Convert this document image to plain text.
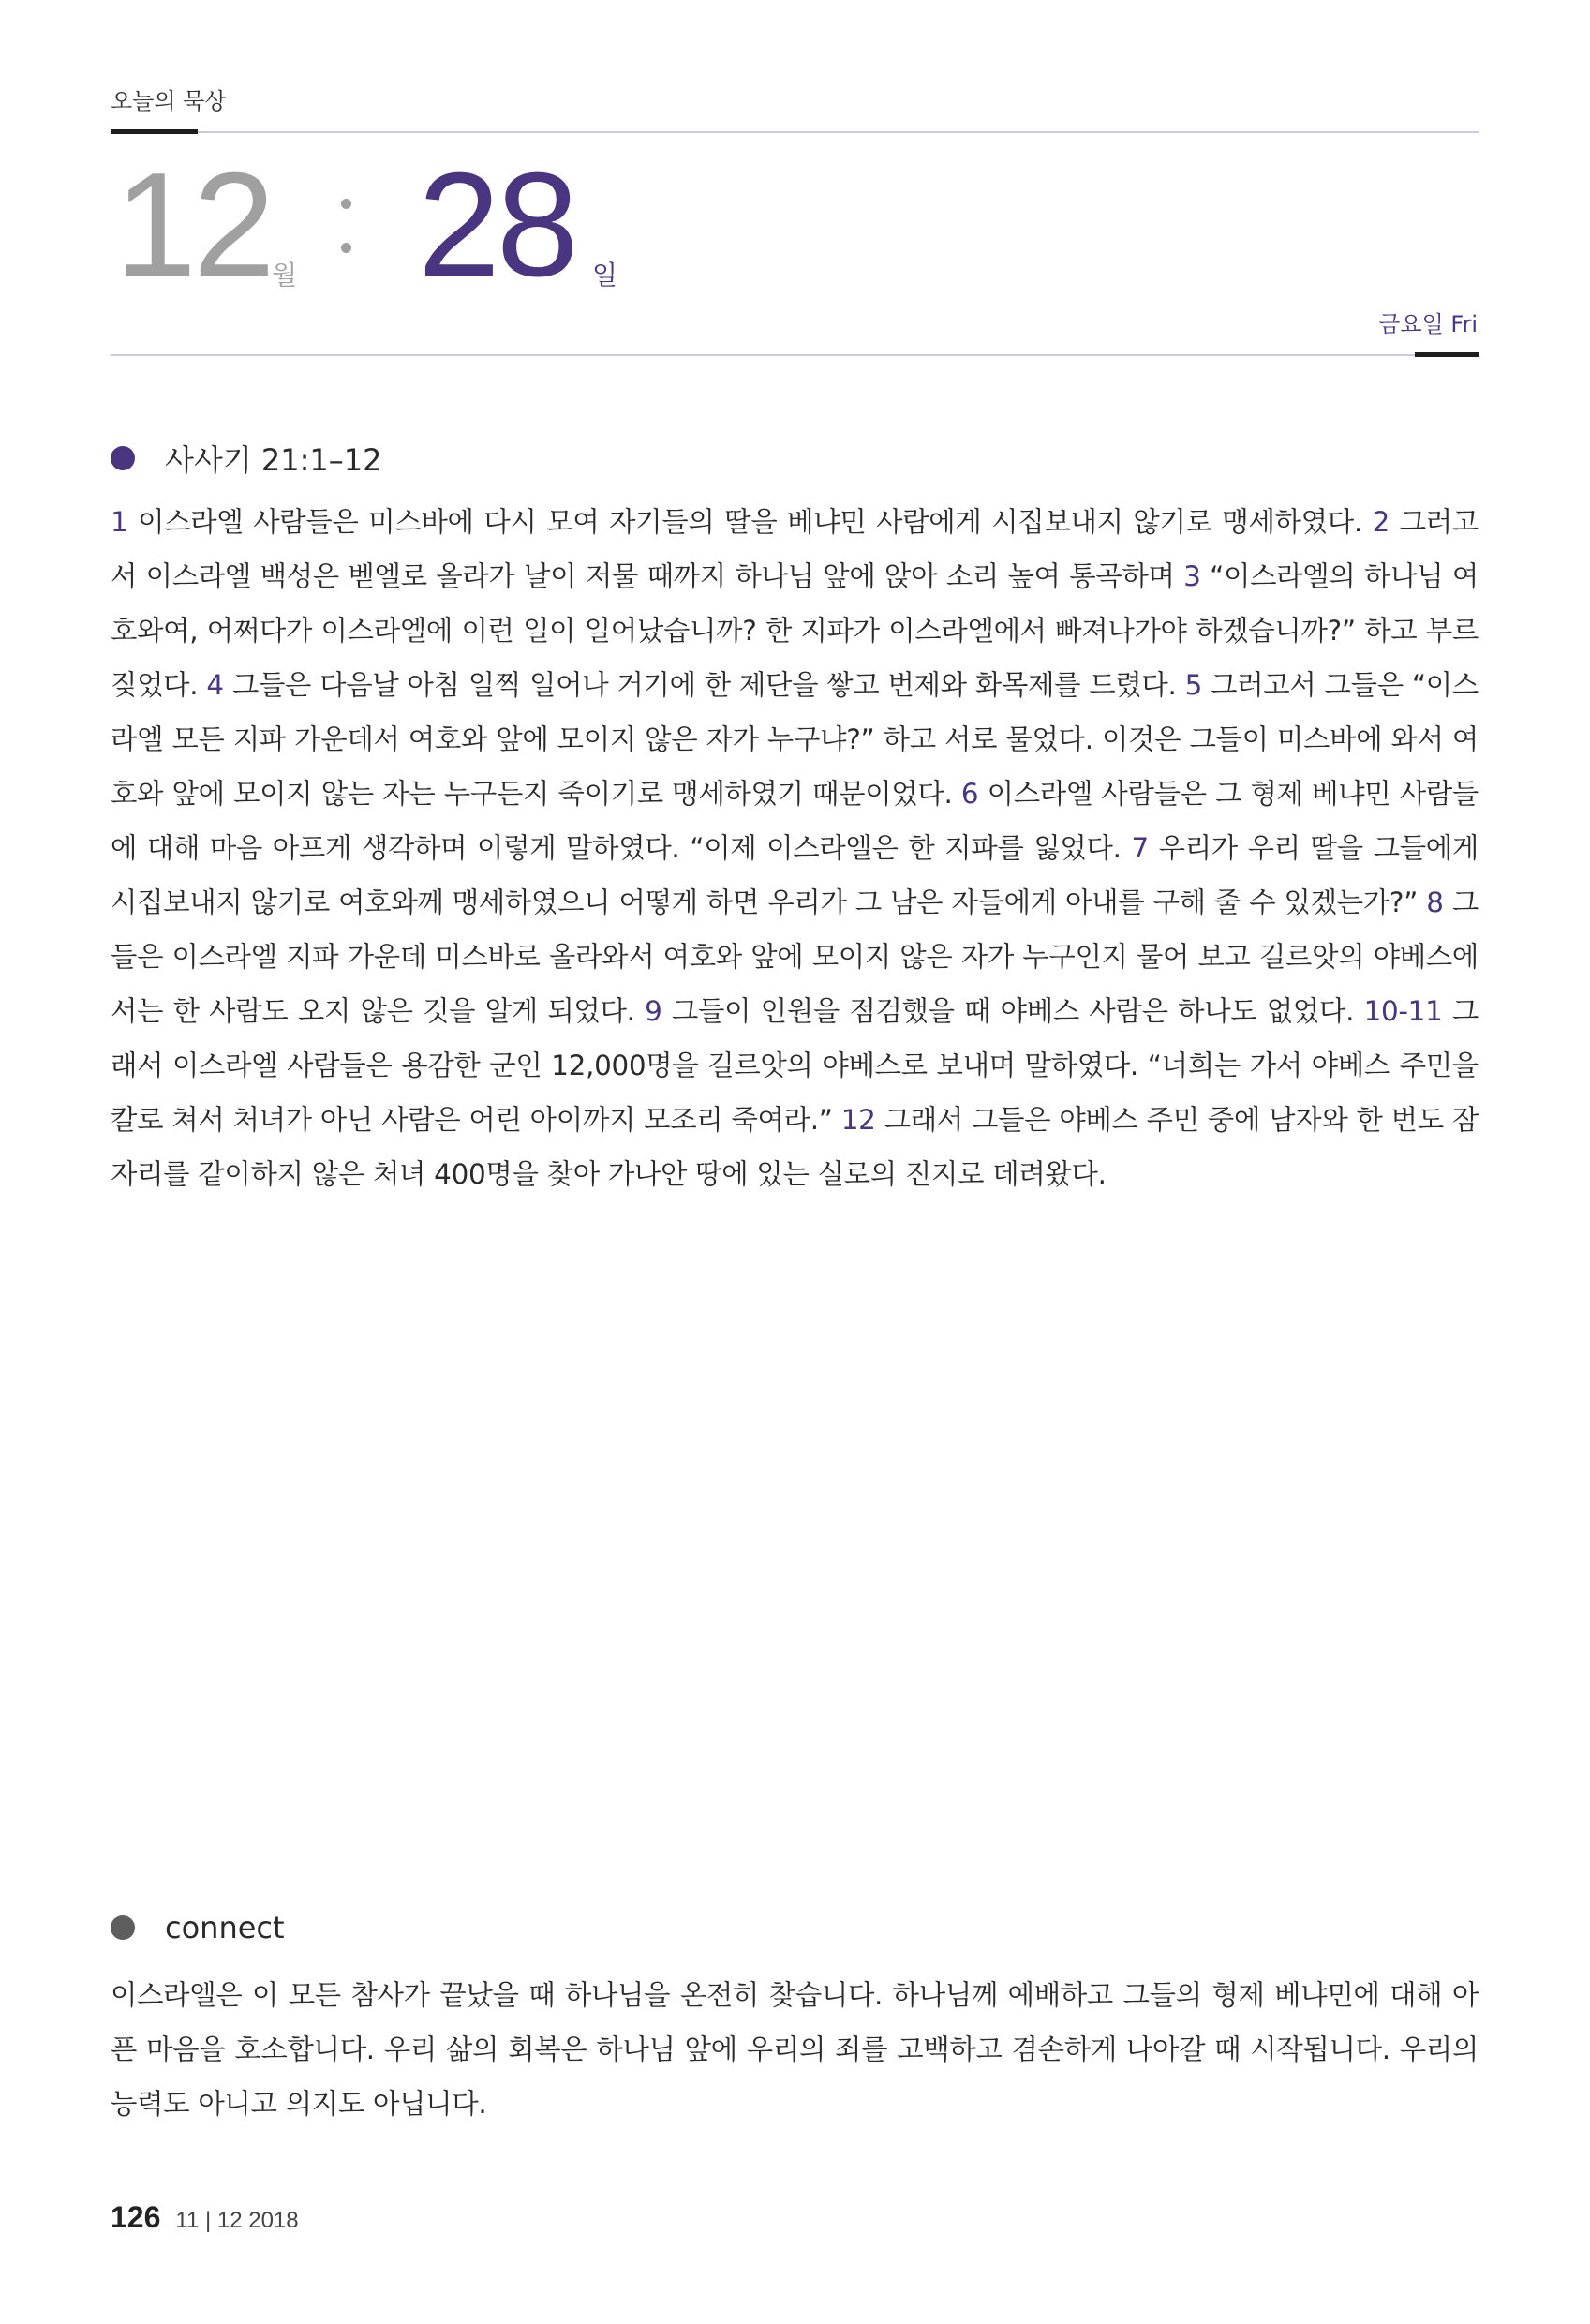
오늘의 묵상
12 월 28 일
금요일 Fri
사사기 21:1–12
1 이스라엘 사람들은 미스바에 다시 모여 자기들의 딸을 베냐민 사람에게 시집보내지 않기로 맹세하였다. 2 그러고서 이스라엘 백성은 벧엘로 올라가 날이 저물 때까지 하나님 앞에 앉아 소리 높여 통곡하며 3 “이스라엘의 하나님 여호와여, 어쩌다가 이스라엘에 이런 일이 일어났습니까? 한 지파가 이스라엘에서 빠져나가야 하겠습니까?” 하고 부르짖었다. 4 그들은 다음날 아침 일찍 일어나 거기에 한 제단을 쌓고 번제와 화목제를 드렸다. 5 그러고서 그들은 “이스라엘 모든 지파 가운데서 여호와 앞에 모이지 않은 자가 누구냐?” 하고 서로 물었다. 이것은 그들이 미스바에 와서 여호와 앞에 모이지 않는 자는 누구든지 죽이기로 맹세하였기 때문이었다. 6 이스라엘 사람들은 그 형제 베냐민 사람들에 대해 마음 아프게 생각하며 이렇게 말하였다. “이제 이스라엘은 한 지파를 잃었다. 7 우리가 우리 딸을 그들에게 시집보내지 않기로 여호와께 맹세하였으니 어떻게 하면 우리가 그 남은 자들에게 아내를 구해 줄 수 있겠는가?” 8 그들은 이스라엘 지파 가운데 미스바로 올라와서 여호와 앞에 모이지 않은 자가 누구인지 물어 보고 길르앗의 야베스에서는 한 사람도 오지 않은 것을 알게 되었다. 9 그들이 인원을 점검했을 때 야베스 사람은 하나도 없었다. 10-11 그래서 이스라엘 사람들은 용감한 군인 12,000명을 길르앗의 야베스로 보내며 말하였다. “너희는 가서 야베스 주민을 칼로 쳐서 처녀가 아닌 사람은 어린 아이까지 모조리 죽여라.” 12 그래서 그들은 야베스 주민 중에 남자와 한 번도 잠자리를 같이하지 않은 처녀 400명을 찾아 가나안 땅에 있는 실로의 진지로 데려왔다.
connect
이스라엘은 이 모든 참사가 끝났을 때 하나님을 온전히 찾습니다. 하나님께 예배하고 그들의 형제 베냐민에 대해 아픈 마음을 호소합니다. 우리 삶의 회복은 하나님 앞에 우리의 죄를 고백하고 겸손하게 나아갈 때 시작됩니다. 우리의 능력도 아니고 의지도 아닙니다.
126 11 | 12 2018
